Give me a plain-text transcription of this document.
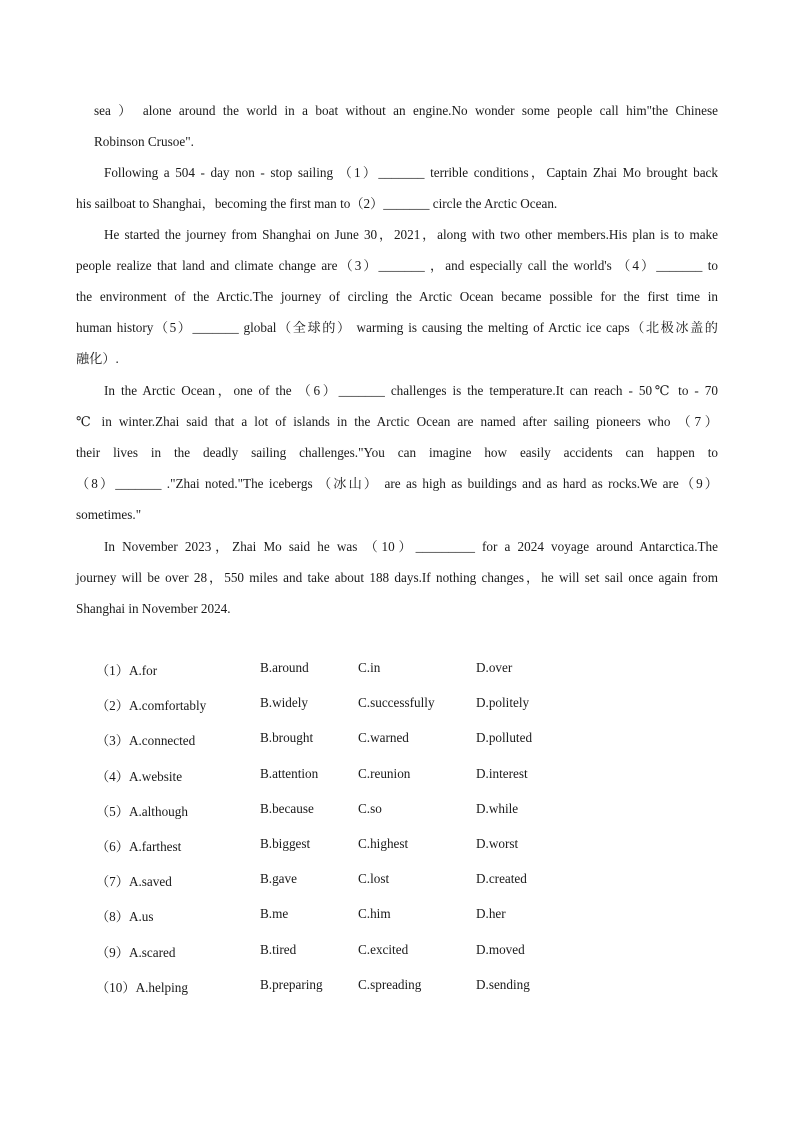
sea ） alone around the world in a boat without an engine.No wonder some people call him"the Chinese
Robinson Crusoe".
Following a 504 - day non - stop sailing （1）_______ terrible conditions，Captain Zhai Mo brought back
his sailboat to Shanghai，becoming the first man to（2）_______ circle the Arctic Ocean.
He started the journey from Shanghai on June 30，2021，along with two other members.His plan is to make
people realize that land and climate change are（3）_______ ，and especially call the world's （4）_______ to
the environment of the Arctic.The journey of circling the Arctic Ocean became possible for the first time in
human history（5）_______ global（全球的） warming is causing the melting of Arctic ice caps（北极冰盖的
融化）.
In the Arctic Ocean，one of the （6）_______ challenges is the temperature.It can reach - 50℃ to - 70
℃ in winter.Zhai said that a lot of islands in the Arctic Ocean are named after sailing pioneers who （7）
their lives in the deadly sailing challenges."You can imagine how easily accidents can happen to
（8）_______ ."Zhai noted."The icebergs （冰山） are as high as buildings and as hard as rocks.We are（9）
sometimes."
In November 2023，Zhai Mo said he was （10）_________ for a 2024 voyage around Antarctica.The
journey will be over 28，550 miles and take about 188 days.If nothing changes，he will set sail once again from
Shanghai in November 2024.
（1）A.for	B.around	C.in	D.over
（2）A.comfortably	B.widely	C.successfully	D.politely
（3）A.connected	B.brought	C.warned	D.polluted
（4）A.website	B.attention	C.reunion	D.interest
（5）A.although	B.because	C.so	D.while
（6）A.farthest	B.biggest	C.highest	D.worst
（7）A.saved	B.gave	C.lost	D.created
（8）A.us	B.me	C.him	D.her
（9）A.scared	B.tired	C.excited	D.moved
（10）A.helping	B.preparing	C.spreading	D.sending
